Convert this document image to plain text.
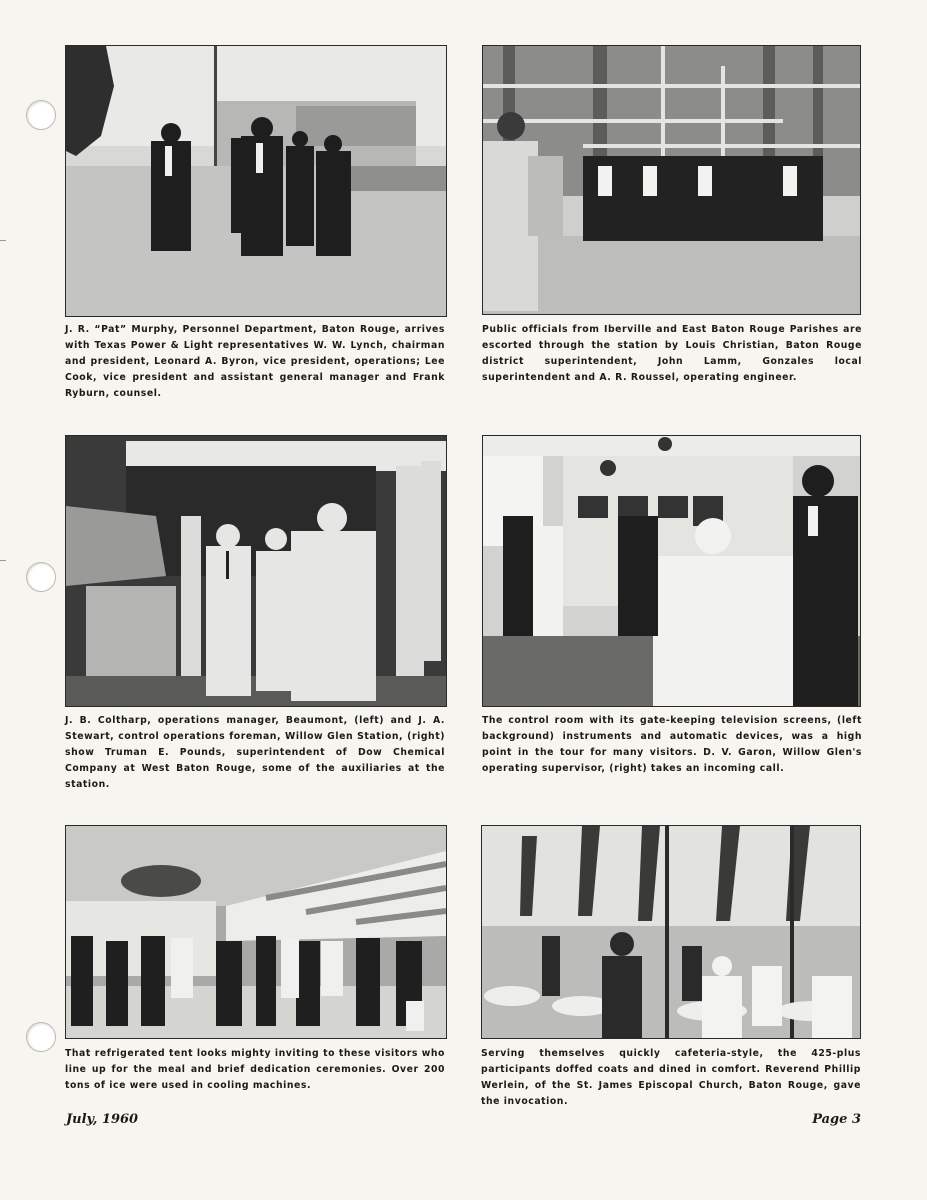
J. R. “Pat” Murphy, Personnel Department, Baton Rouge, arrives with Texas Power & Light representatives W. W. Lynch, chairman and president, Leonard A. Byron, vice president, operations; Lee Cook, vice president and assistant general manager and Frank Ryburn, counsel.

Public officials from Iberville and East Baton Rouge Parishes are escorted through the station by Louis Christian, Baton Rouge district superintendent, John Lamm, Gonzales local superintendent and A. R. Roussel, operating engineer.

J. B. Coltharp, operations manager, Beaumont, (left) and J. A. Stewart, control operations foreman, Willow Glen Station, (right) show Truman E. Pounds, superintendent of Dow Chemical Company at West Baton Rouge, some of the auxiliaries at the station.

The control room with its gate-keeping television screens, (left background) instruments and automatic devices, was a high point in the tour for many visitors. D. V. Garon, Willow Glen's operating supervisor, (right) takes an incoming call.

That refrigerated tent looks mighty inviting to these visitors who line up for the meal and brief dedication ceremonies. Over 200 tons of ice were used in cooling machines.

Serving themselves quickly cafeteria-style, the 425-plus participants doffed coats and dined in comfort. Reverend Phillip Werlein, of the St. James Episcopal Church, Baton Rouge, gave the invocation.

July, 1960	Page 3
